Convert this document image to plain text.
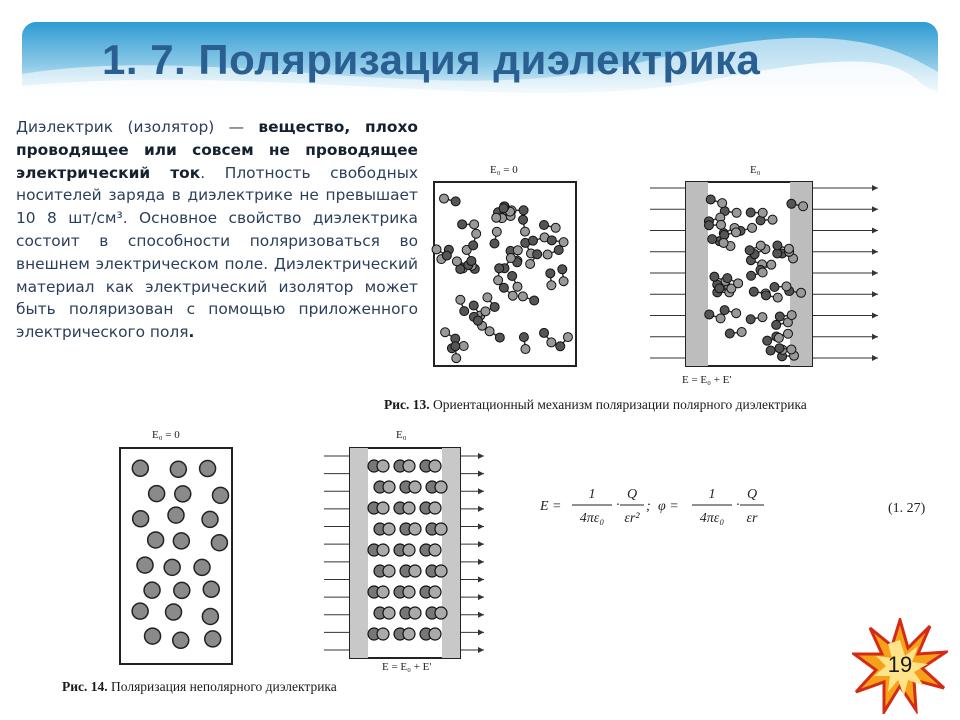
1. 7. Поляризация диэлектрика

Диэлектрик (изолятор) — вещество, плохо проводящее или совсем не проводящее электрический ток. Плотность свободных носителей заряда в диэлектрике не превышает 10 8 шт/см³. Основное свойство диэлектрика состоит в способности поляризоваться во внешнем электрическом поле. Диэлектрический материал как электрический изолятор может быть поляризован с помощью приложенного электрического поля.

E₀ = 0	E₀
E = E₀ + E'
Рис. 13. Ориентационный механизм поляризации полярного диэлектрика
E₀ = 0	E₀
E = E₀ + E'
Рис. 14. Поляризация неполярного диэлектрика
E =
1
4πε₀
·
Q
εr²
; φ =
1
4πε₀
·
Q
εr
(1. 27)
19
